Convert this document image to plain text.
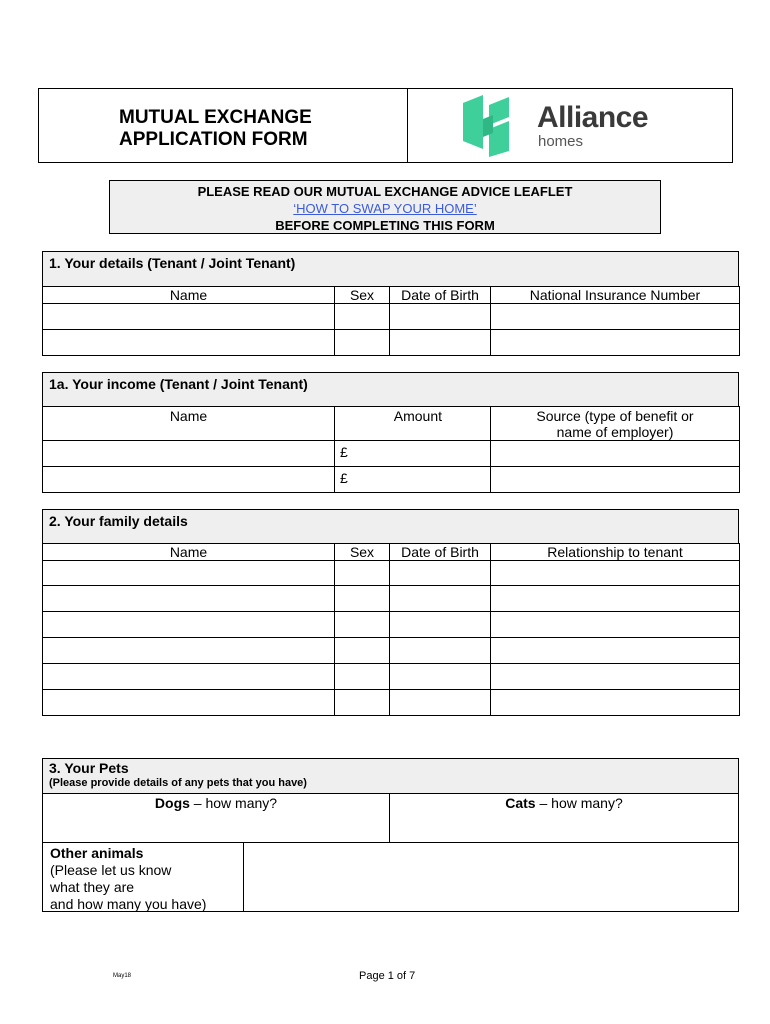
MUTUAL EXCHANGE
APPLICATION FORM
Alliance
homes
PLEASE READ OUR MUTUAL EXCHANGE ADVICE LEAFLET
‘HOW TO SWAP YOUR HOME’
BEFORE COMPLETING THIS FORM
1. Your details (Tenant / Joint Tenant)
Name	Sex	Date of Birth	National Insurance Number

1a. Your income (Tenant / Joint Tenant)
Name	Amount	Source (type of benefit or name of employer)
	£	
	£	
2. Your family details
Name	Sex	Date of Birth	Relationship to tenant

3. Your Pets
(Please provide details of any pets that you have)
Dogs – how many?	Cats – how many?
Other animals
(Please let us know
what they are
and how many you have)
May18	Page 1 of 7
